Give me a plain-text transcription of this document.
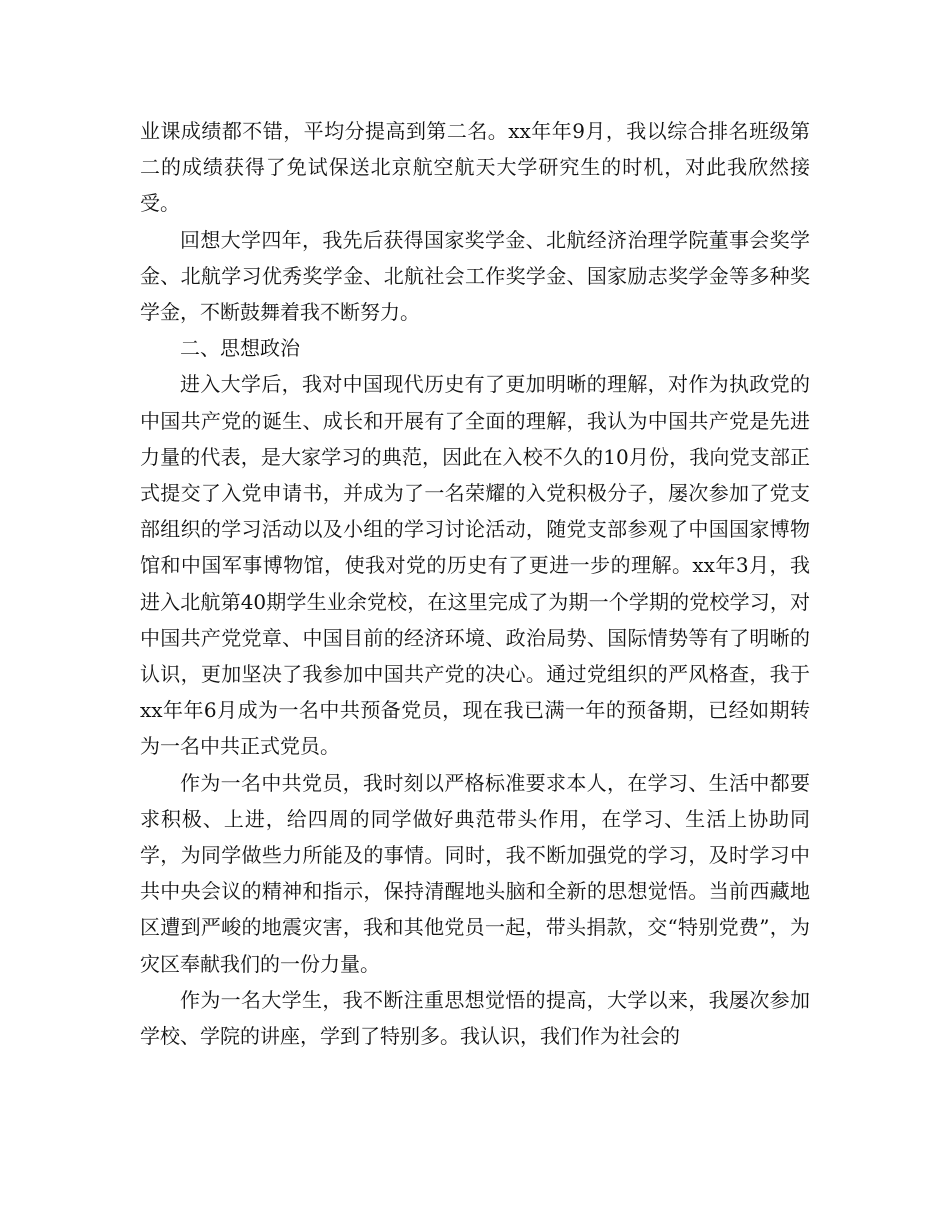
业课成绩都不错，平均分提高到第二名。xx年年9月，我以综合排名班级第二的成绩获得了免试保送北京航空航天大学研究生的时机，对此我欣然接受。

回想大学四年，我先后获得国家奖学金、北航经济治理学院董事会奖学金、北航学习优秀奖学金、北航社会工作奖学金、国家励志奖学金等多种奖学金，不断鼓舞着我不断努力。

二、思想政治

进入大学后，我对中国现代历史有了更加明晰的理解，对作为执政党的中国共产党的诞生、成长和开展有了全面的理解，我认为中国共产党是先进力量的代表，是大家学习的典范，因此在入校不久的10月份，我向党支部正式提交了入党申请书，并成为了一名荣耀的入党积极分子，屡次参加了党支部组织的学习活动以及小组的学习讨论活动，随党支部参观了中国国家博物馆和中国军事博物馆，使我对党的历史有了更进一步的理解。xx年3月，我进入北航第40期学生业余党校，在这里完成了为期一个学期的党校学习，对中国共产党党章、中国目前的经济环境、政治局势、国际情势等有了明晰的认识，更加坚决了我参加中国共产党的决心。通过党组织的严风格查，我于xx年年6月成为一名中共预备党员，现在我已满一年的预备期，已经如期转为一名中共正式党员。

作为一名中共党员，我时刻以严格标准要求本人，在学习、生活中都要求积极、上进，给四周的同学做好典范带头作用，在学习、生活上协助同学，为同学做些力所能及的事情。同时，我不断加强党的学习，及时学习中共中央会议的精神和指示，保持清醒地头脑和全新的思想觉悟。当前西藏地区遭到严峻的地震灾害，我和其他党员一起，带头捐款，交“特别党费”，为灾区奉献我们的一份力量。

作为一名大学生，我不断注重思想觉悟的提高，大学以来，我屡次参加学校、学院的讲座，学到了特别多。我认识，我们作为社会的
